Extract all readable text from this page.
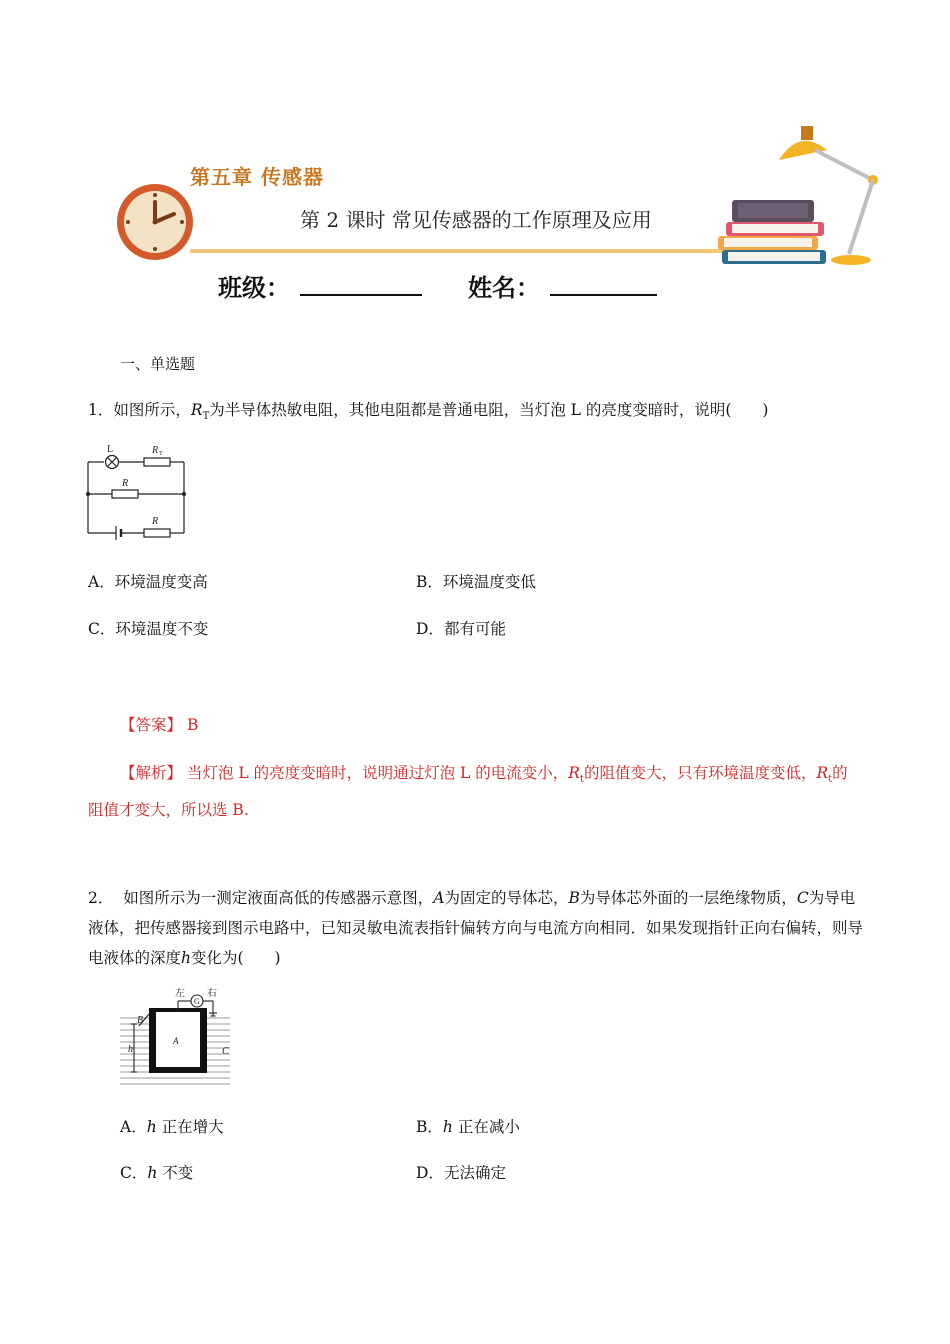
第五章 传感器
第 2 课时 常见传感器的工作原理及应用
班级：	姓名：
一、单选题
1．如图所示，$R_T$为半导体热敏电阻，其他电阻都是普通电阻，当灯泡 L 的亮度变暗时，说明(　　)
L	R T
R
R
A．环境温度变高	B．环境温度变低
C．环境温度不变	D．都有可能
【答案】 B
【解析】 当灯泡 L 的亮度变暗时，说明通过灯泡 L 的电流变小，$R_t$的阻值变大，只有环境温度变低，$R_t$的阻值才变大，所以选 B.
2． 如图所示为一测定液面高低的传感器示意图，A为固定的导体芯，B为导体芯外面的一层绝缘物质，C为导电液体，把传感器接到图示电路中，已知灵敏电流表指针偏转方向与电流方向相同．如果发现指针正向右偏转，则导电液体的深度h变化为(　　)
左
G
右
B
A
h	C
A．h 正在增大	B．h 正在减小
C．h 不变	D．无法确定
